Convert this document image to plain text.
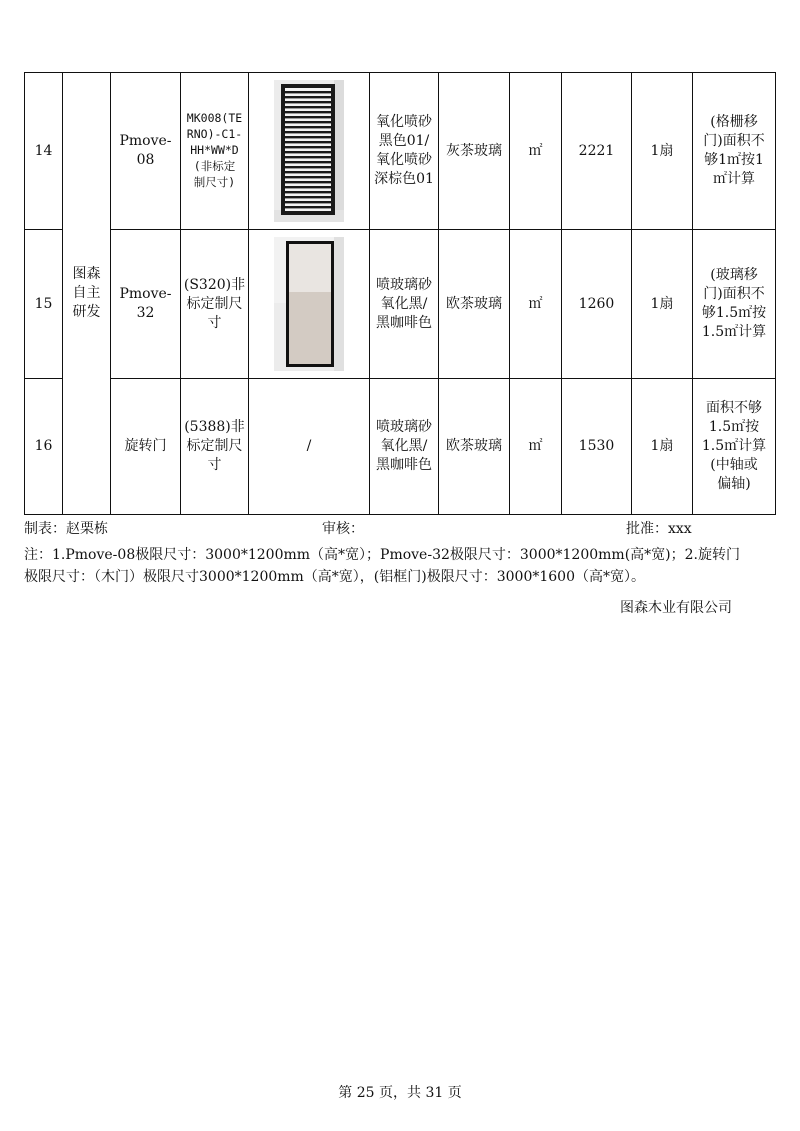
14	图森
自主
研发	Pmove-08	MK008(TE
RNO)-C1-
HH*WW*D
(非标定
制尺寸)		氧化喷砂
黑色01/
氧化喷砂
深棕色01	灰茶玻璃	㎡	2221	1扇	(格栅移
门)面积不
够1㎡按1
㎡计算
15		Pmove-32	(S320)非
标定制尺
寸		喷玻璃砂
氧化黑/
黑咖啡色	欧茶玻璃	㎡	1260	1扇	(玻璃移
门)面积不
够1.5㎡按
1.5㎡计算
16		旋转门	(5388)非
标定制尺
寸	/	喷玻璃砂
氧化黑/
黑咖啡色	欧茶玻璃	㎡	1530	1扇	面积不够
1.5㎡按
1.5㎡计算
(中轴或
偏轴)
制表：赵栗栋	审核：	批准：xxx
注：1.Pmove-08极限尺寸：3000*1200mm（高*宽）；Pmove-32极限尺寸：3000*1200mm(高*宽)；2.旋转门
极限尺寸：（木门）极限尺寸3000*1200mm（高*宽），(铝框门)极限尺寸：3000*1600（高*宽）。
图森木业有限公司
第 25 页，共 31 页
